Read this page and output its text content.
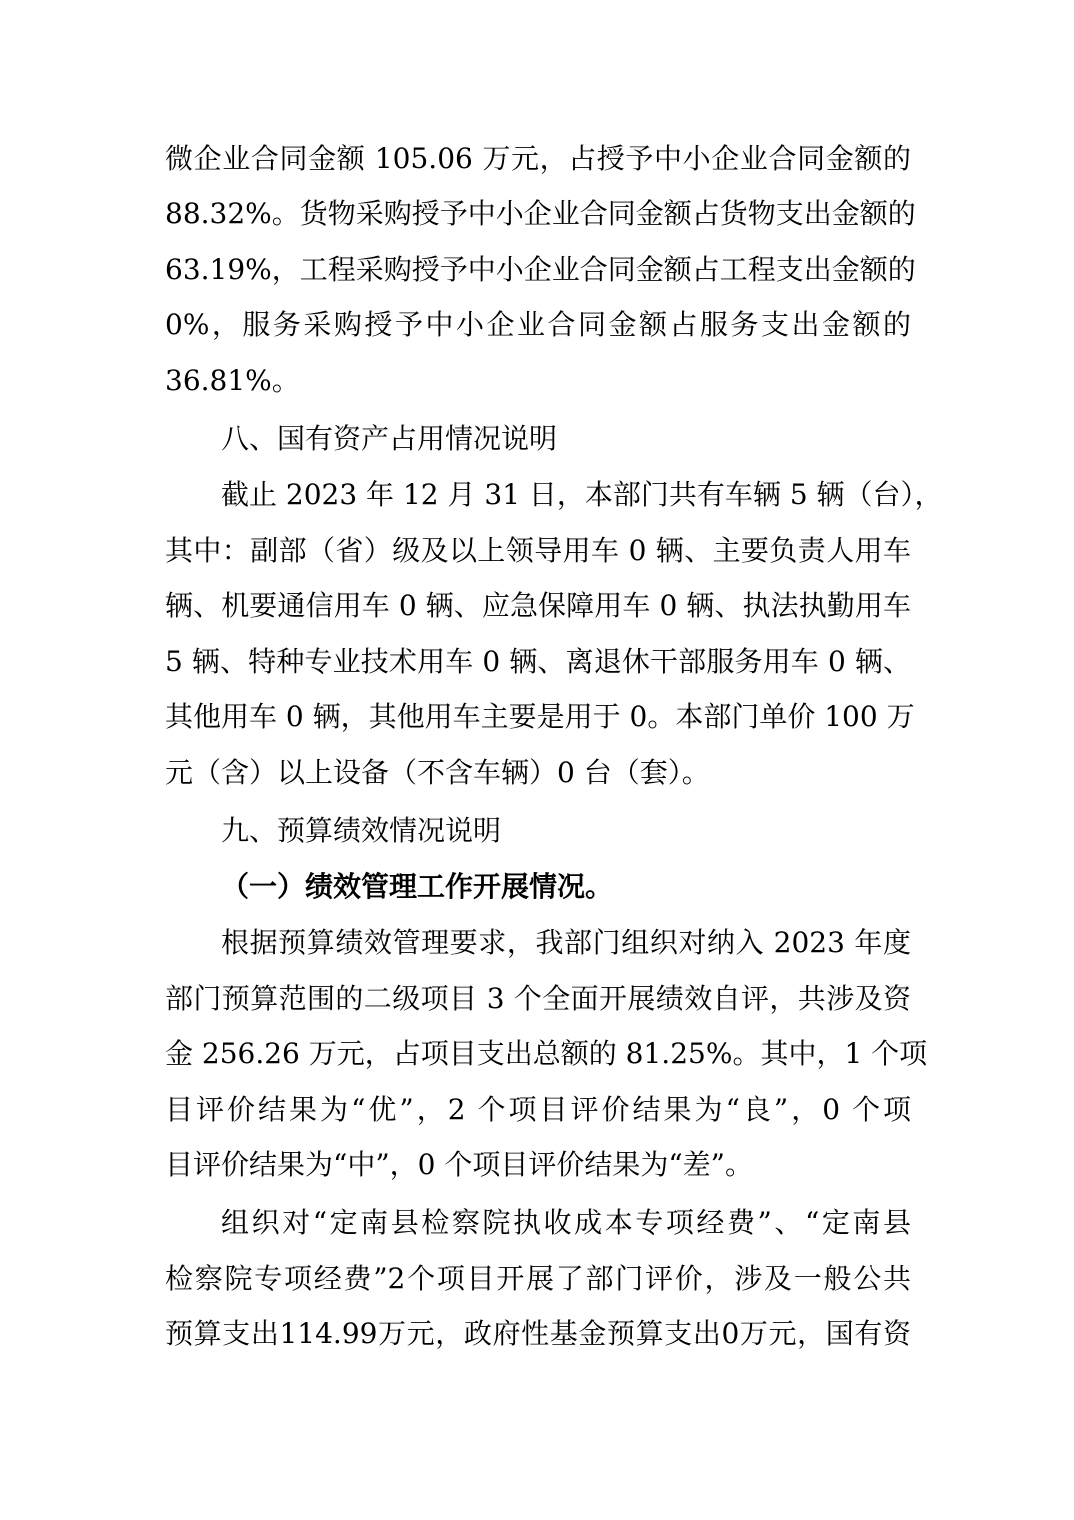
微企业合同金额 105.06 万元，占授予中小企业合同金额的
88.32%。货物采购授予中小企业合同金额占货物支出金额的
63.19%，工程采购授予中小企业合同金额占工程支出金额的
0%，服务采购授予中小企业合同金额占服务支出金额的
36.81%。
八、国有资产占用情况说明
截止 2023 年 12 月 31 日，本部门共有车辆 5 辆（台），
其中：副部（省）级及以上领导用车 0 辆、主要负责人用车
辆、机要通信用车 0 辆、应急保障用车 0 辆、执法执勤用车
5 辆、特种专业技术用车 0 辆、离退休干部服务用车 0 辆、
其他用车 0 辆，其他用车主要是用于 0。本部门单价 100 万
元（含）以上设备（不含车辆）0 台（套）。
九、预算绩效情况说明
（一）绩效管理工作开展情况。
根据预算绩效管理要求，我部门组织对纳入 2023 年度
部门预算范围的二级项目 3 个全面开展绩效自评，共涉及资
金 256.26 万元，占项目支出总额的 81.25%。其中，1 个项
目评价结果为“优”，2 个项目评价结果为“良”，0 个项
目评价结果为“中”，0 个项目评价结果为“差”。
组织对“定南县检察院执收成本专项经费”、“定南县
检察院专项经费”2个项目开展了部门评价，涉及一般公共
预算支出114.99万元，政府性基金预算支出0万元，国有资
